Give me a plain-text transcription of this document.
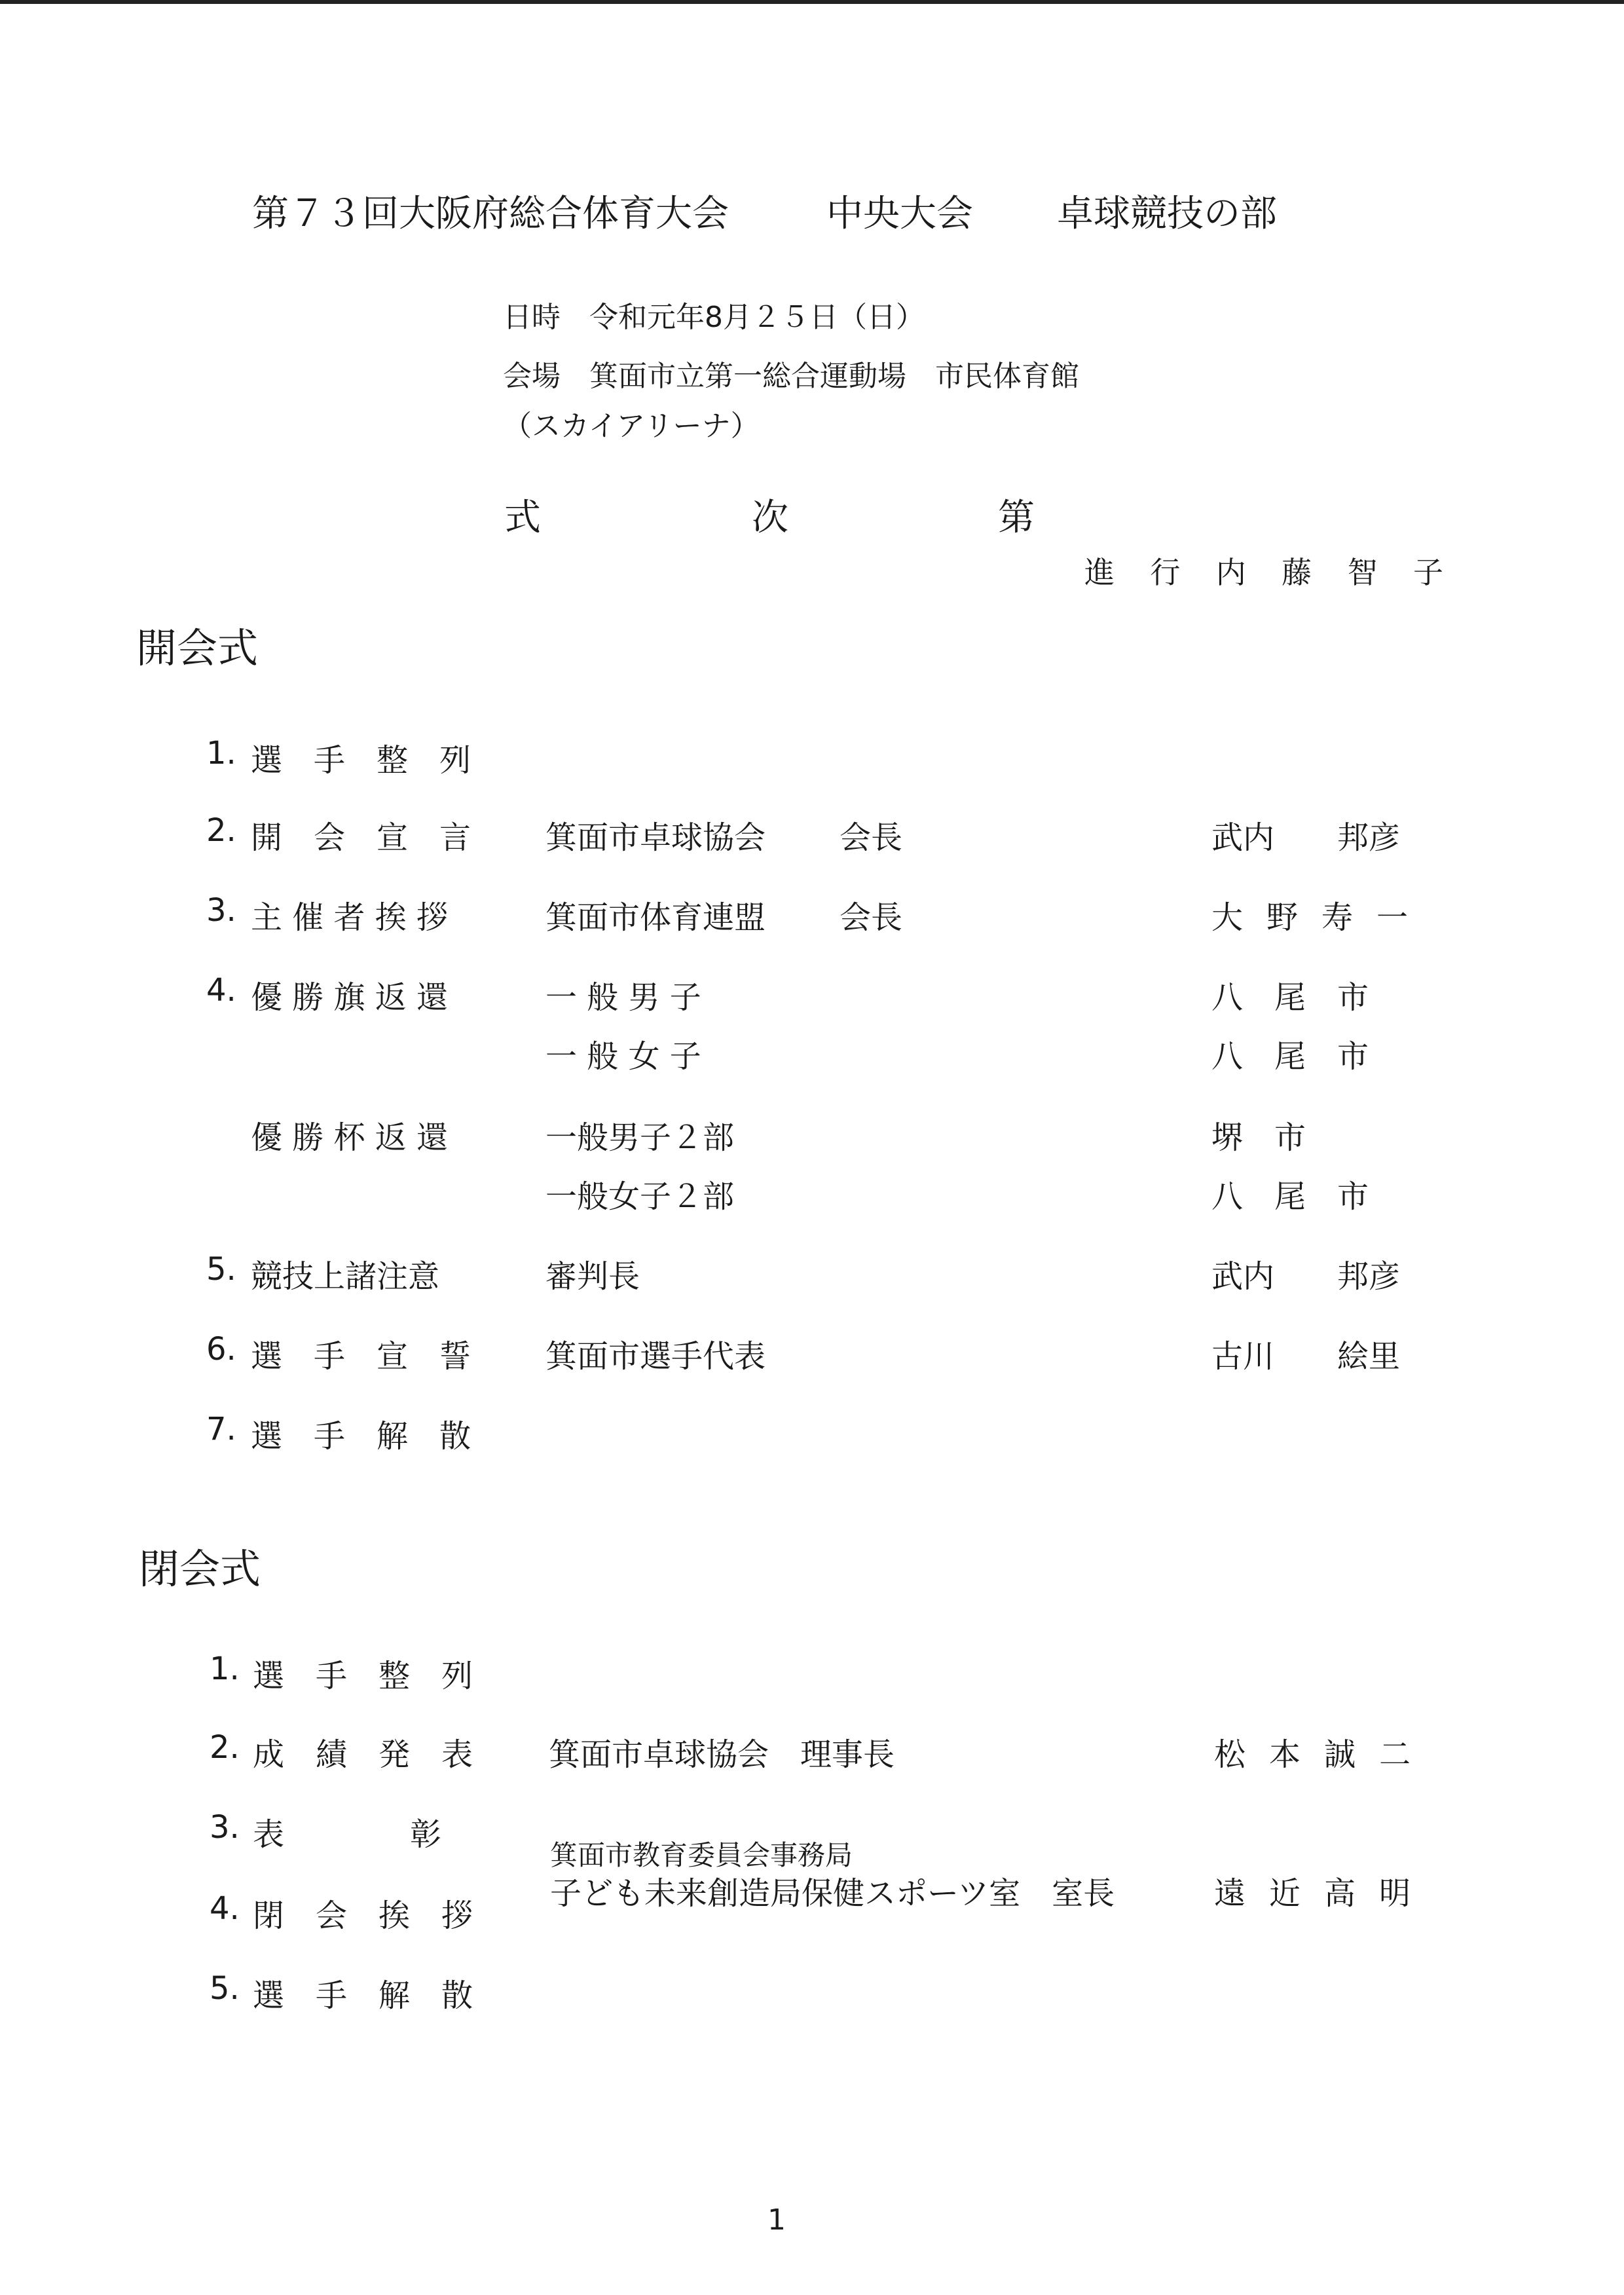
第７３回大阪府総合体育大会	中央大会 卓球競技の部
日時　令和元年8月２５日（日）
会場　箕面市立第一総合運動場　市民体育館
（スカイアリーナ）
式	次	第
進 行 内 藤 智 子
開会式
1. 選　手　整　列
2. 開　会　宣　言 箕面市卓球協会 会長	武内　　邦彦
3. 主 催 者 挨 拶	箕面市体育連盟 会長	大野寿一
4. 優 勝 旗 返 還	一 般 男 子	八　尾　市
一 般 女 子	八　尾　市
優 勝 杯 返 還	一般男子２部	堺　市
一般女子２部	八　尾　市
5. 競技上諸注意	審判長	武内　　邦彦
6. 選　手　宣　誓 箕面市選手代表	古川　　絵里
7. 選　手　解　散
閉会式
1. 選　手　整　列
2. 成　績　発　表 箕面市卓球協会　理事長	松本誠二
3. 表　　　　彰
箕面市教育委員会事務局
子ども未来創造局保健スポーツ室　室長	遠近高明
4. 閉　会　挨　拶
5. 選　手　解　散
1
